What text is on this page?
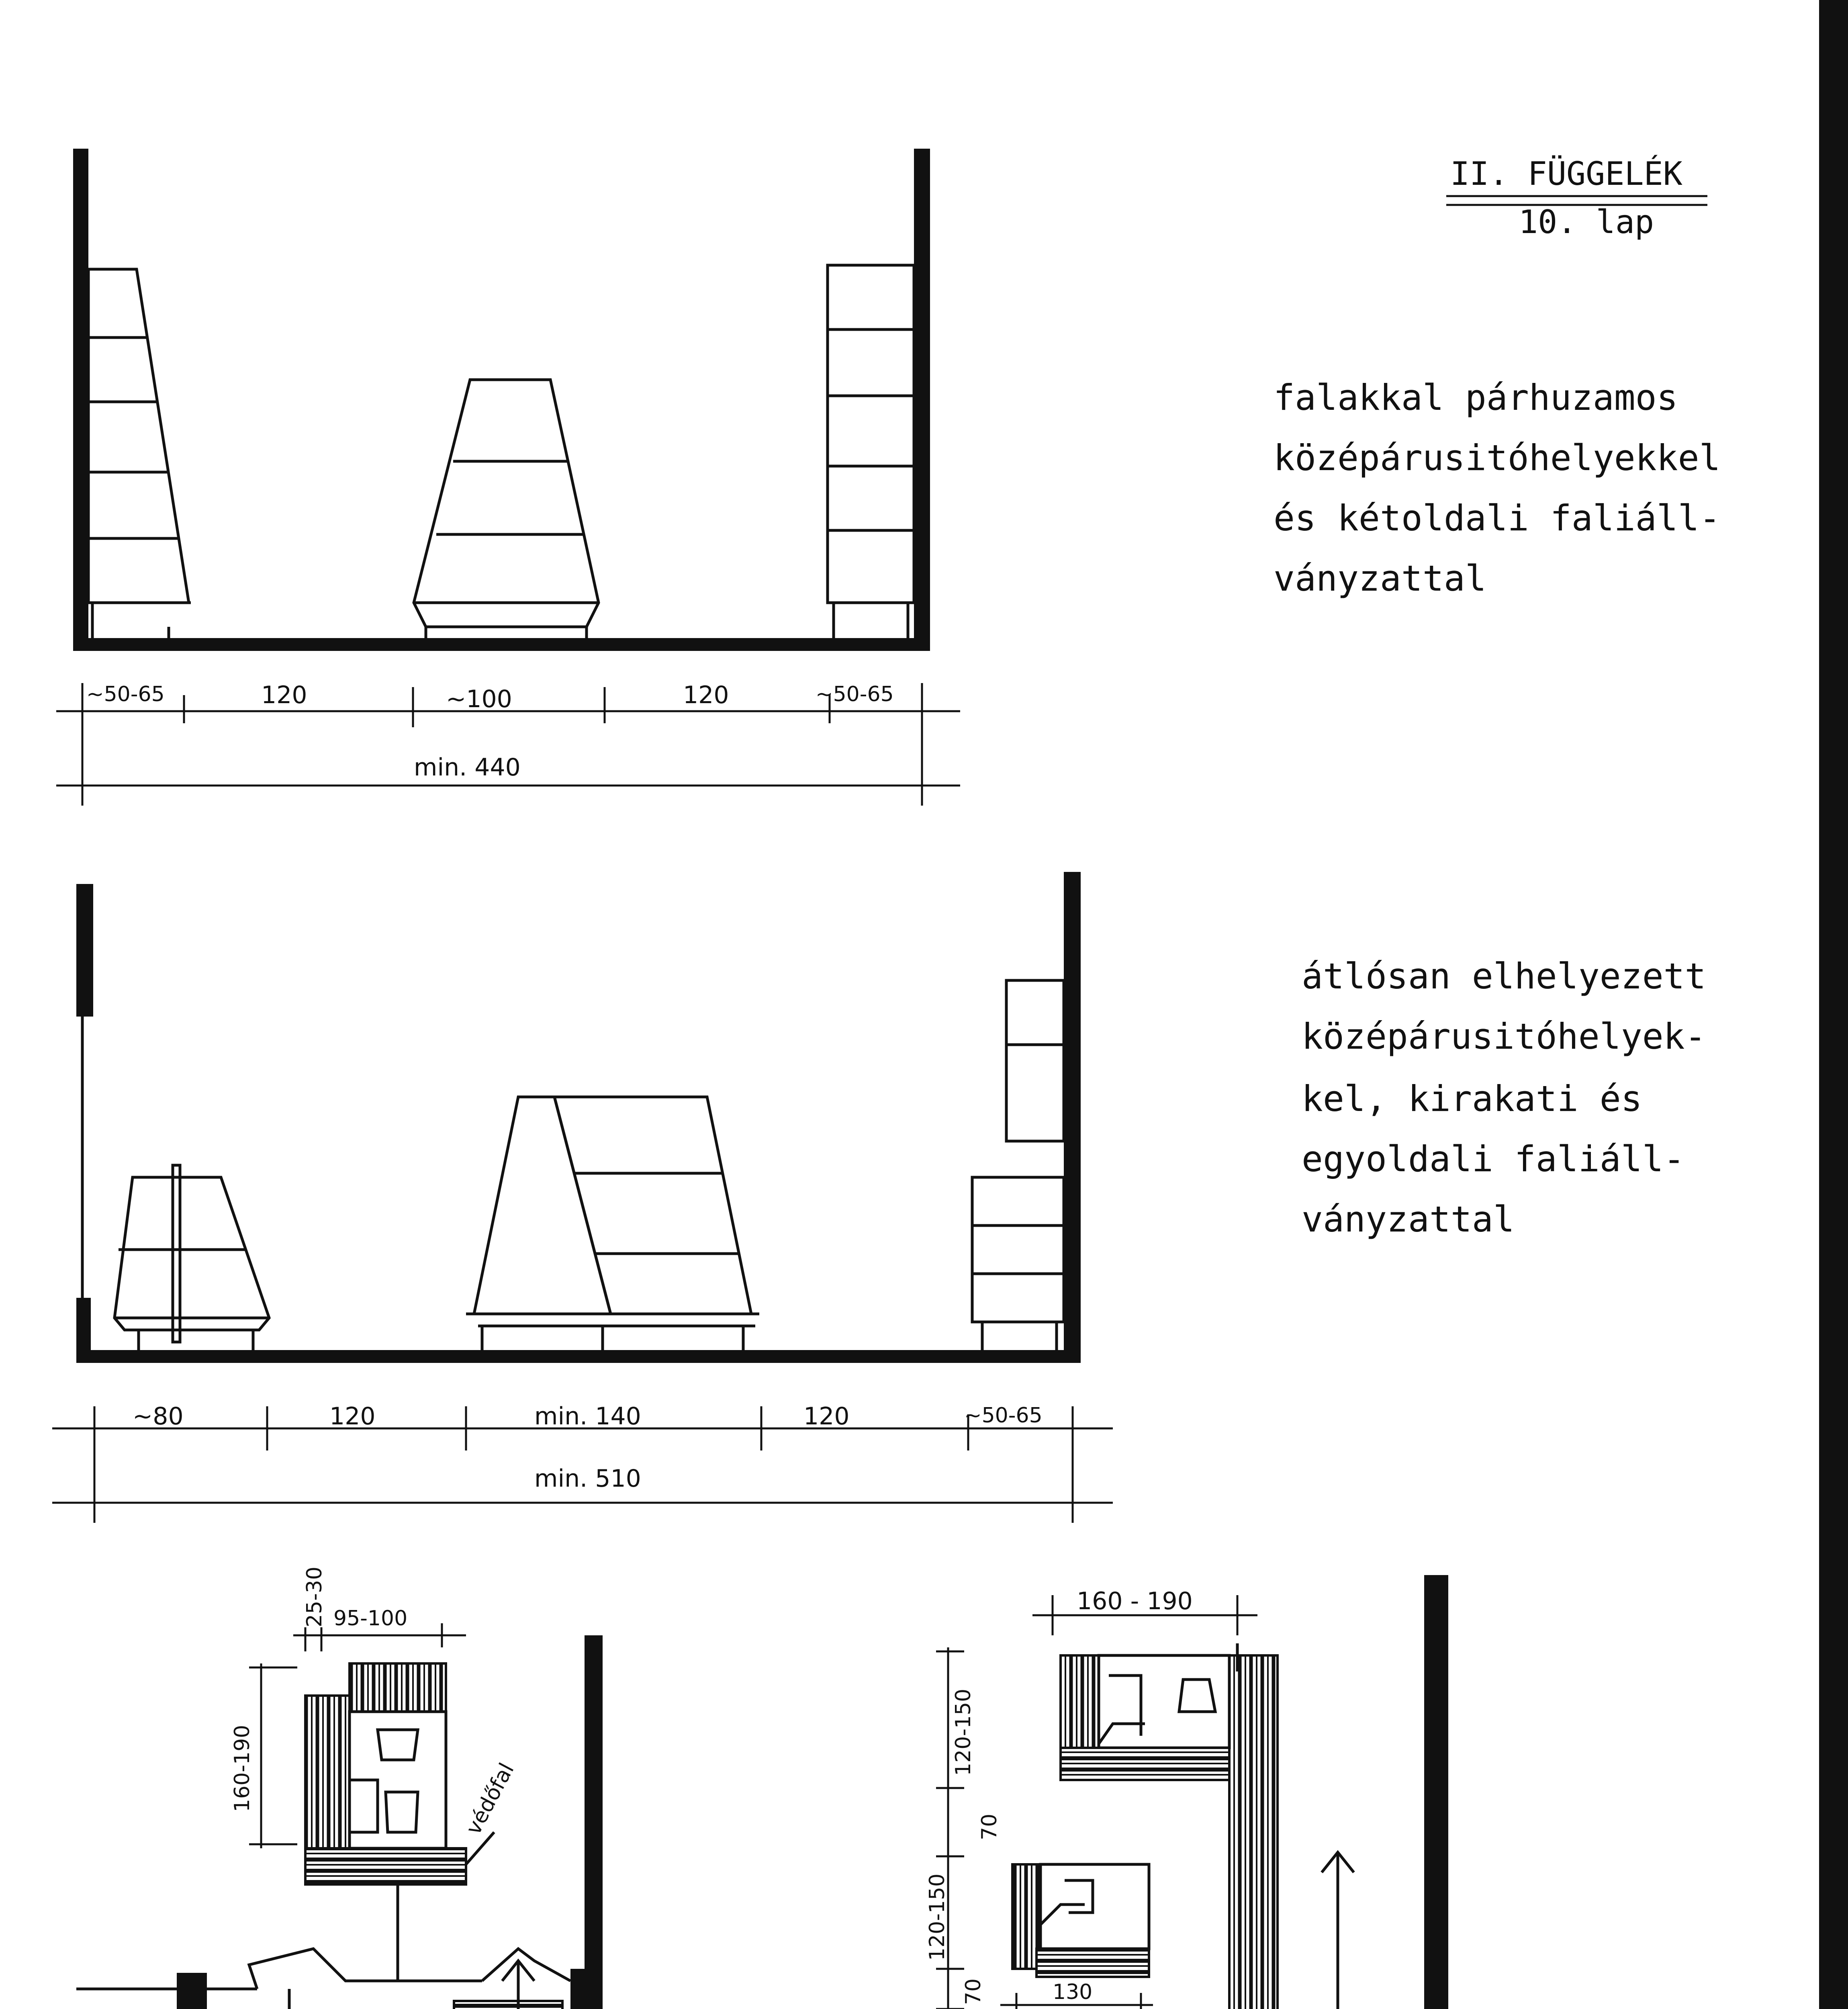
II. FÜGGELÉK
10. lap
~50-65	120	~100	120	~50-65
min. 440
falakkal párhuzamos
középárusitóhelyekkel
és kétoldali faliáll-
ványzattal
~80	120	min. 140	120	~50-65
min. 510
átlósan elhelyezett
középárusitóhelyek-
kel, kirakati és
egyoldali faliáll-
ványzattal
25-30 95-100
160-190	védőfal
160 - 190
120-150
70
120-150
70	130
